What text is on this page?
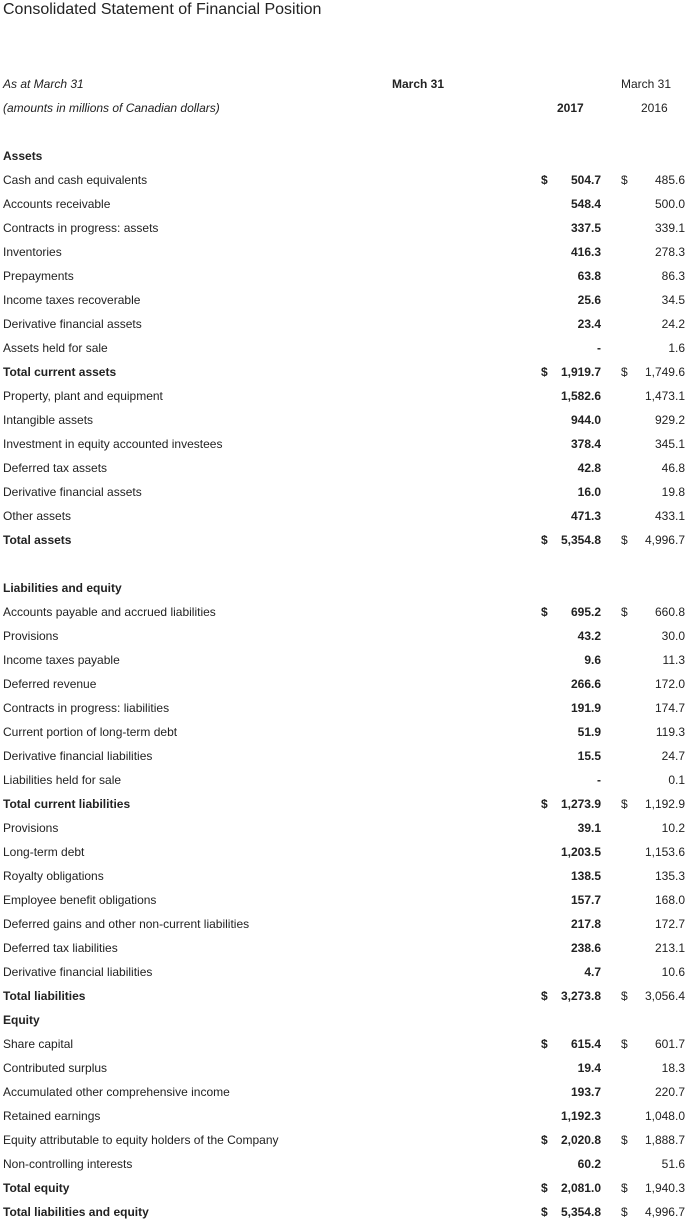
Consolidated Statement of Financial Position
As at March 31	March 31	March 31
(amounts in millions of Canadian dollars)	2017	2016
Assets
Cash and cash equivalents	$ 504.7 $ 485.6
Accounts receivable	548.4	500.0
Contracts in progress: assets	337.5	339.1
Inventories	416.3	278.3
Prepayments	63.8	86.3
Income taxes recoverable	25.6	34.5
Derivative financial assets	23.4	24.2
Assets held for sale	-	1.6
Total current assets	$ 1,919.7 $ 1,749.6
Property, plant and equipment	1,582.6	1,473.1
Intangible assets	944.0	929.2
Investment in equity accounted investees	378.4	345.1
Deferred tax assets	42.8	46.8
Derivative financial assets	16.0	19.8
Other assets	471.3	433.1
Total assets	$ 5,354.8 $ 4,996.7
Liabilities and equity
Accounts payable and accrued liabilities	$ 695.2 $ 660.8
Provisions	43.2	30.0
Income taxes payable	9.6	11.3
Deferred revenue	266.6	172.0
Contracts in progress: liabilities	191.9	174.7
Current portion of long-term debt	51.9	119.3
Derivative financial liabilities	15.5	24.7
Liabilities held for sale	-	0.1
Total current liabilities	$ 1,273.9 $ 1,192.9
Provisions	39.1	10.2
Long-term debt	1,203.5	1,153.6
Royalty obligations	138.5	135.3
Employee benefit obligations	157.7	168.0
Deferred gains and other non-current liabilities	217.8	172.7
Deferred tax liabilities	238.6	213.1
Derivative financial liabilities	4.7	10.6
Total liabilities	$ 3,273.8 $ 3,056.4
Equity
Share capital	$ 615.4 $ 601.7
Contributed surplus	19.4	18.3
Accumulated other comprehensive income	193.7	220.7
Retained earnings	1,192.3	1,048.0
Equity attributable to equity holders of the Company	$ 2,020.8 $ 1,888.7
Non-controlling interests	60.2	51.6
Total equity	$ 2,081.0 $ 1,940.3
Total liabilities and equity	$ 5,354.8 $ 4,996.7
